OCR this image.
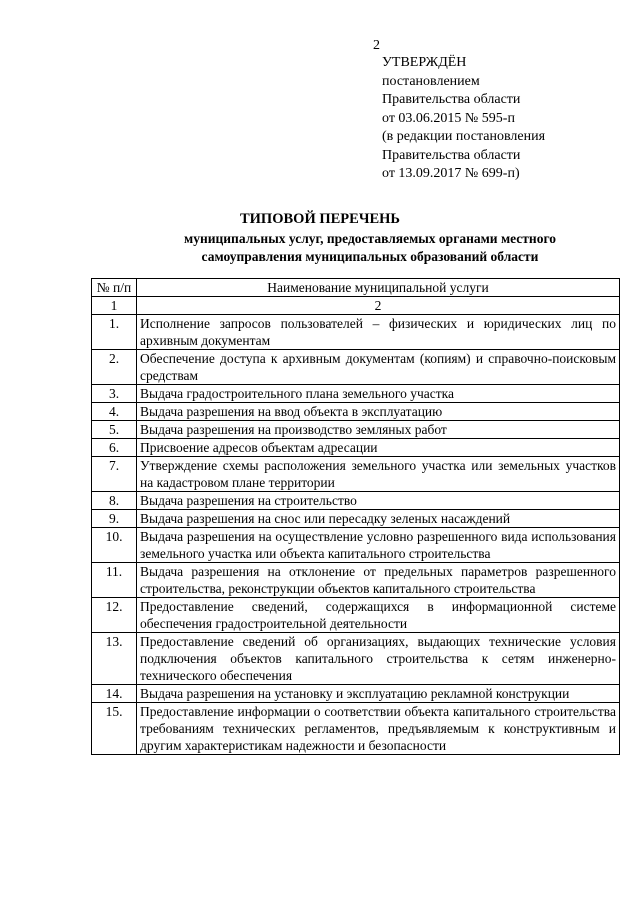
2
УТВЕРЖДЁН
постановлением
Правительства области
от 03.06.2015 № 595-п
(в редакции постановления
Правительства области
от 13.09.2017 № 699-п)
ТИПОВОЙ ПЕРЕЧЕНЬ
муниципальных услуг, предоставляемых органами местного
самоуправления муниципальных образований области
№ п/п	Наименование муниципальной услуги
1	2
1.	Исполнение запросов пользователей – физических и юридических лиц по архивным документам
2.	Обеспечение доступа к архивным документам (копиям) и справочно-поисковым средствам
3.	Выдача градостроительного плана земельного участка
4.	Выдача разрешения на ввод объекта в эксплуатацию
5.	Выдача разрешения на производство земляных работ
6.	Присвоение адресов объектам адресации
7.	Утверждение схемы расположения земельного участка или земельных участков на кадастровом плане территории
8.	Выдача разрешения на строительство
9.	Выдача разрешения на снос или пересадку зеленых насаждений
10.	Выдача разрешения на осуществление условно разрешенного вида использования земельного участка или объекта капитального строительства
11.	Выдача разрешения на отклонение от предельных параметров разрешенного строительства, реконструкции объектов капитального строительства
12.	Предоставление сведений, содержащихся в информационной системе обеспечения градостроительной деятельности
13.	Предоставление сведений об организациях, выдающих технические условия подключения объектов капитального строительства к сетям инженерно-технического обеспечения
14.	Выдача разрешения на установку и эксплуатацию рекламной конструкции
15.	Предоставление информации о соответствии объекта капитального строительства требованиям технических регламентов, предъявляемым к конструктивным и другим характеристикам надежности и безопасности
